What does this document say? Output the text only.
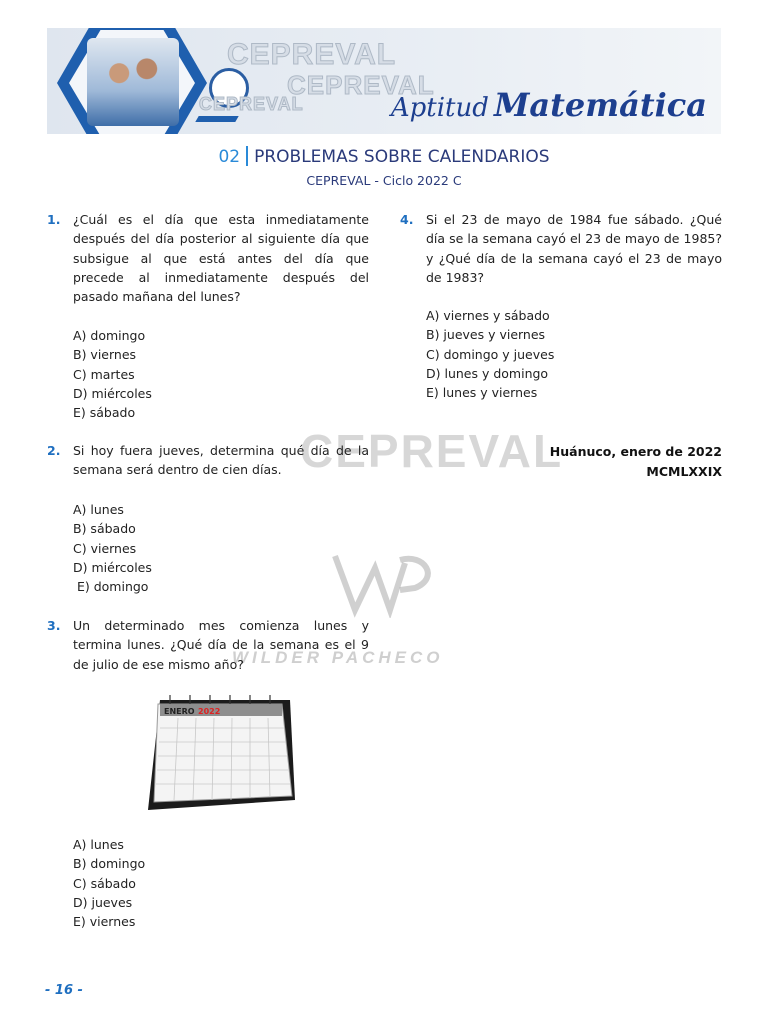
CEPREVAL
CEPREVAL
CEPREVAL	Aptitud Matemática
02 PROBLEMAS SOBRE CALENDARIOS
CEPREVAL - Ciclo 2022 C
CEPREVAL
WILDER PACHECO
1. ¿Cuál es el día que esta inmediatamente después del día posterior al siguiente día que subsigue al que está antes del día que precede al inmediatamente después del pasado mañana del lunes?
A) domingo
B) viernes
C) martes
D) miércoles
E) sábado
2. Si hoy fuera jueves, determina qué día de la semana será dentro de cien días.
A) lunes
B) sábado
C) viernes
D) miércoles
E) domingo
3. Un determinado mes comienza lunes y termina lunes. ¿Qué día de la semana es el 9 de julio de ese mismo año?
ENERO 2022
A) lunes
B) domingo
C) sábado
D) jueves
E) viernes
4. Si el 23 de mayo de 1984 fue sábado. ¿Qué día se la semana cayó el 23 de mayo de 1985? y ¿Qué día de la semana cayó el 23 de mayo de 1983?
A) viernes y sábado
B) jueves y viernes
C) domingo y jueves
D) lunes y domingo
E) lunes y viernes
Huánuco, enero de 2022
MCMLXXIX
- 16 -
